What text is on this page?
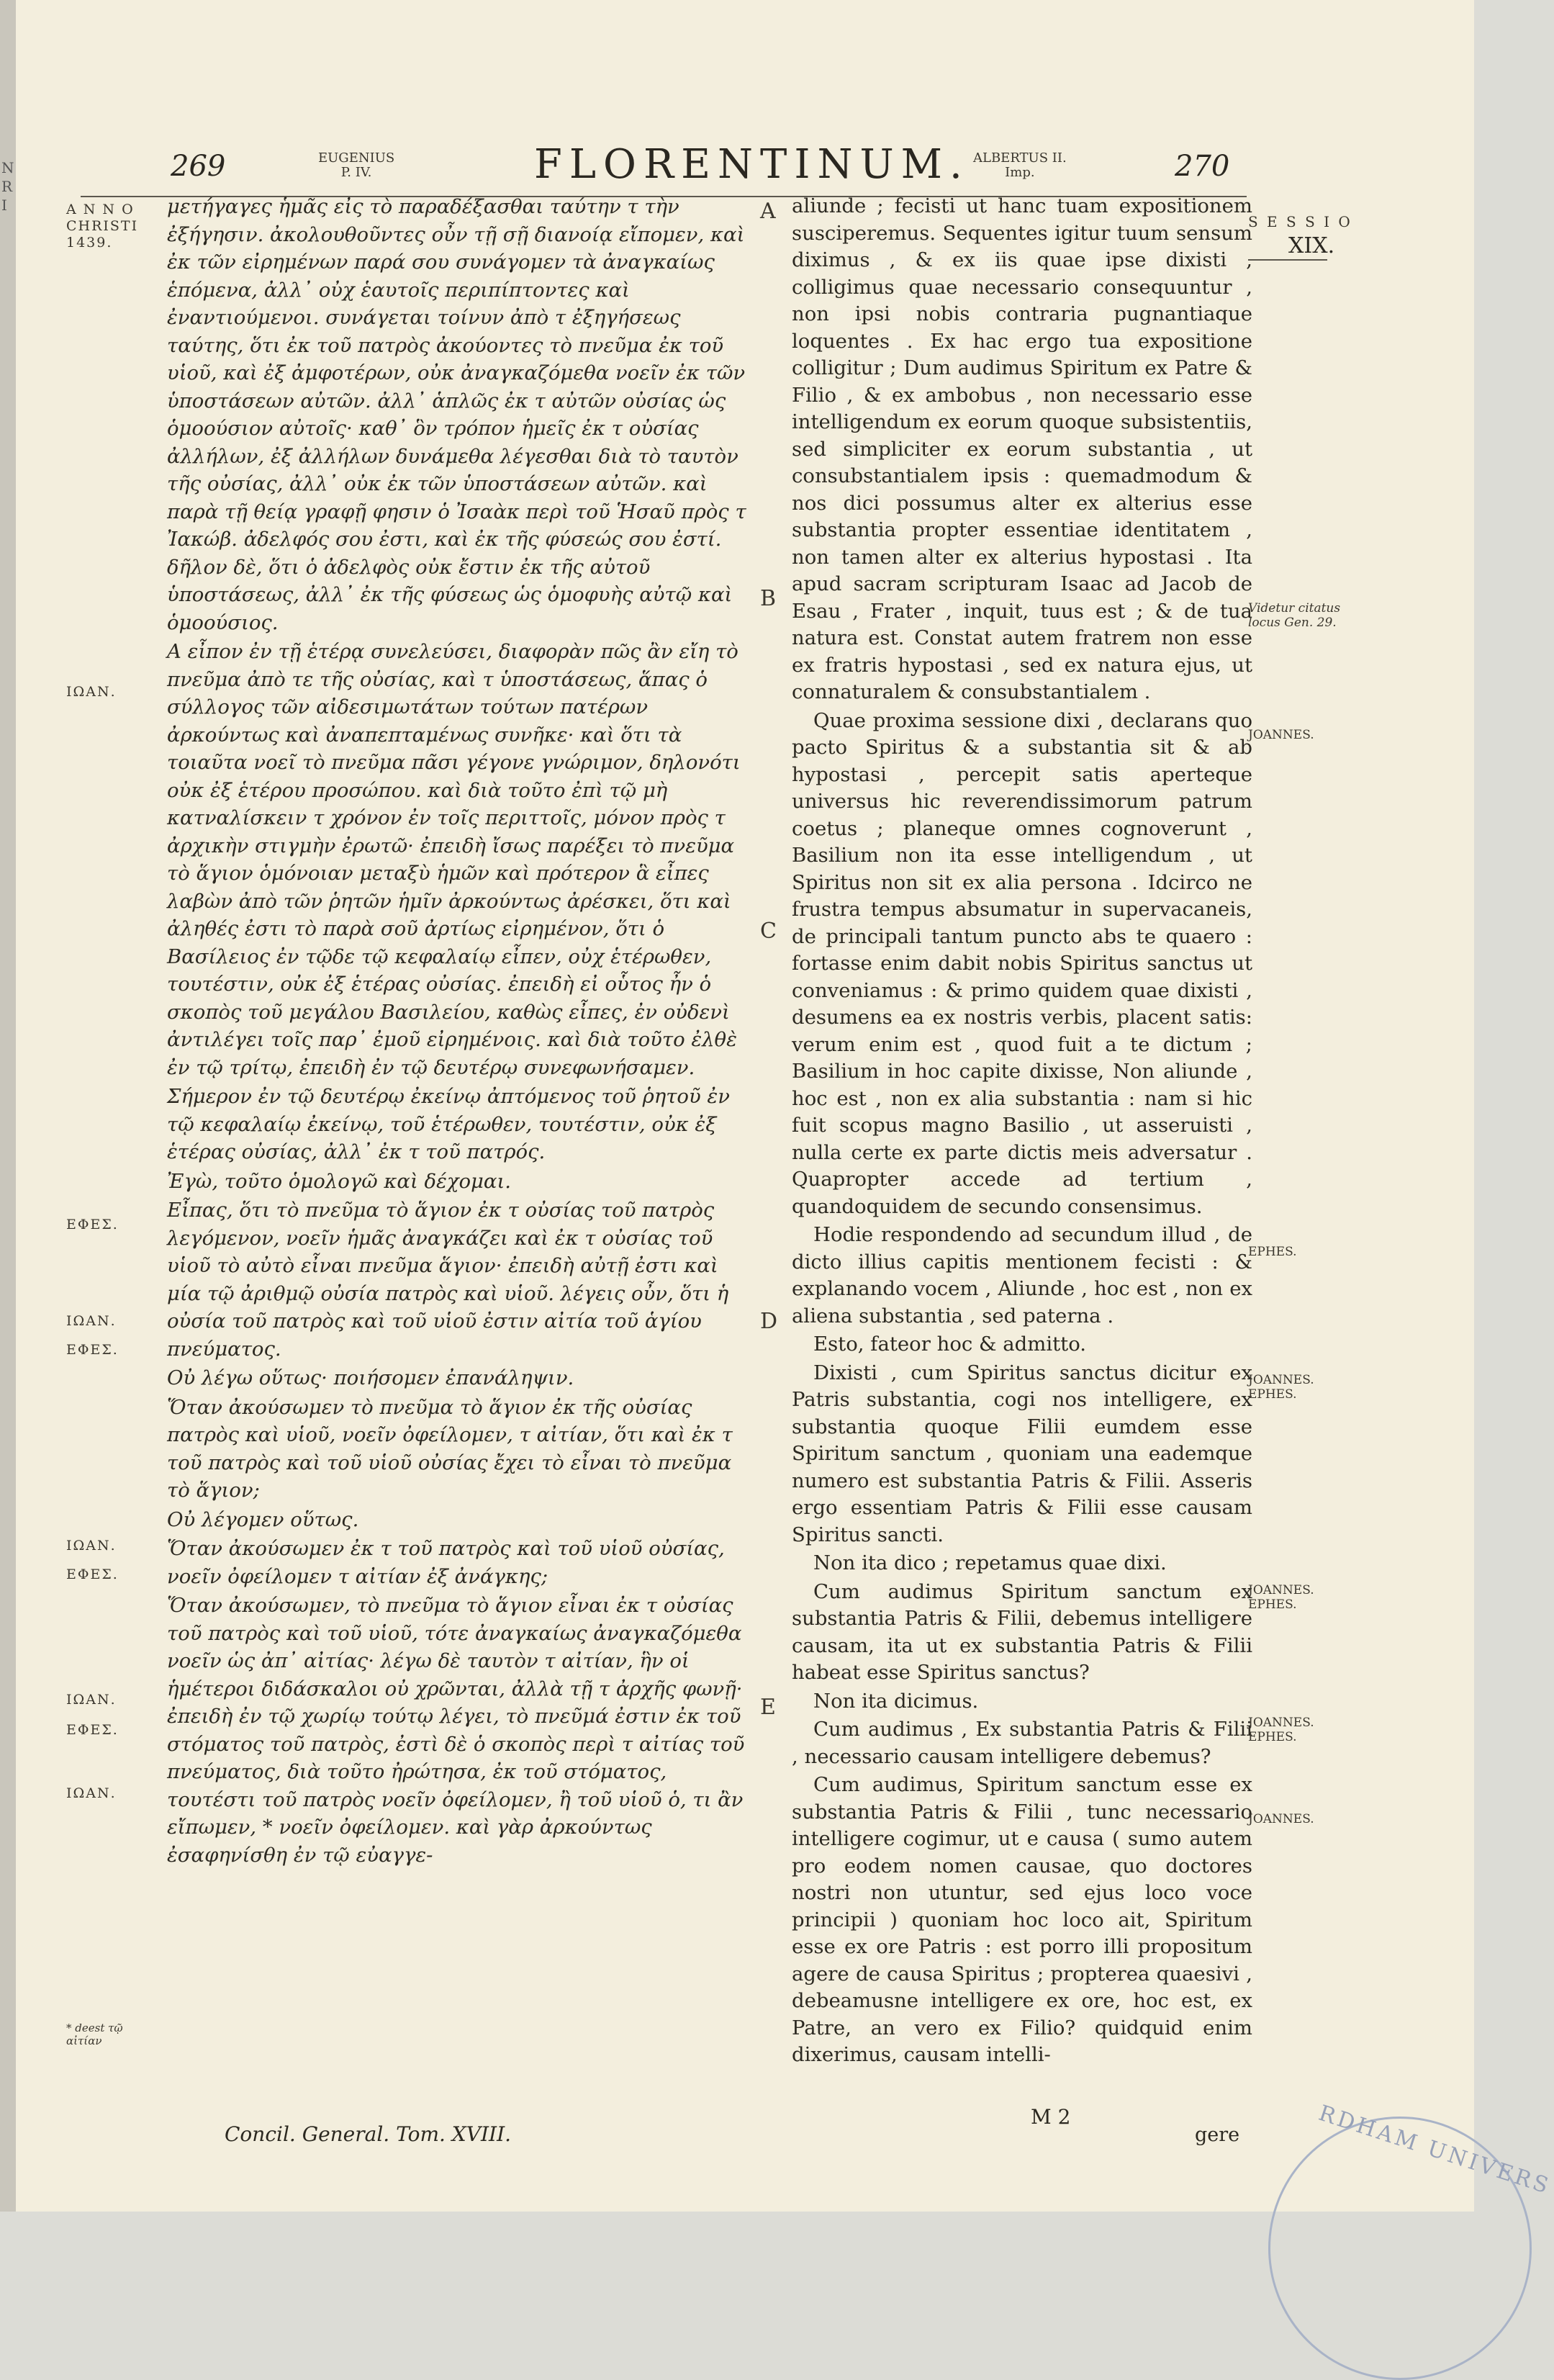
N
R
I
269	EUGENIUS
P. IV.	FLORENTINUM. ALBERTUS II.
Imp.	270
A N N O
CHRISTI
1439.
S E S S I O
XIX.

μετήγαγες ἡμᾶς εἰς τὸ παραδέξασθαι ταύτην τ τὴν ἐξήγησιν. ἀκολουθοῦντες οὖν τῇ σῇ διανοίᾳ εἴπομεν, καὶ ἐκ τῶν εἰρημένων παρά σου συνάγομεν τὰ ἀναγκαίως ἑπόμενα, ἀλλ᾽ οὐχ ἑαυτοῖς περιπίπτοντες καὶ ἐναντιούμενοι. συνάγεται τοίνυν ἀπὸ τ ἐξηγήσεως ταύτης, ὅτι ἐκ τοῦ πατρὸς ἀκούοντες τὸ πνεῦμα ἐκ τοῦ υἱοῦ, καὶ ἐξ ἀμφοτέρων, οὐκ ἀναγκαζόμεθα νοεῖν ἐκ τῶν ὑποστάσεων αὐτῶν. ἀλλ᾽ ἁπλῶς ἐκ τ αὐτῶν οὐσίας ὡς ὁμοούσιον αὐτοῖς· καθ᾽ ὃν τρόπον ἡμεῖς ἐκ τ οὐσίας ἀλλήλων, ἐξ ἀλλήλων δυνάμεθα λέγεσθαι διὰ τὸ ταυτὸν τῆς οὐσίας, ἀλλ᾽ οὐκ ἐκ τῶν ὑποστάσεων αὐτῶν. καὶ παρὰ τῇ θείᾳ γραφῇ φησιν ὁ Ἰσαὰκ περὶ τοῦ Ἡσαῦ πρὸς τ Ἰακώβ. ἀδελφός σου ἐστι, καὶ ἐκ τῆς φύσεώς σου ἐστί. δῆλον δὲ, ὅτι ὁ ἀδελφὸς οὐκ ἔστιν ἐκ τῆς αὐτοῦ ὑποστάσεως, ἀλλ᾽ ἐκ τῆς φύσεως ὡς ὁμοφυὴς αὐτῷ καὶ ὁμοούσιος.

Α εἶπον ἐν τῇ ἑτέρᾳ συνελεύσει, διαφορὰν πῶς ἂν εἴη τὸ πνεῦμα ἀπὸ τε τῆς οὐσίας, καὶ τ ὑποστάσεως, ἅπας ὁ σύλλογος τῶν αἰδεσιμωτάτων τούτων πατέρων ἀρκούντως καὶ ἀναπεπταμένως συνῆκε· καὶ ὅτι τὰ τοιαῦτα νοεῖ τὸ πνεῦμα πᾶσι γέγονε γνώριμον, δηλονότι οὐκ ἐξ ἑτέρου προσώπου. καὶ διὰ τοῦτο ἐπὶ τῷ μὴ κατναλίσκειν τ χρόνον ἐν τοῖς περιττοῖς, μόνον πρὸς τ ἀρχικὴν στιγμὴν ἐρωτῶ· ἐπειδὴ ἴσως παρέξει τὸ πνεῦμα τὸ ἅγιον ὁμόνοιαν μεταξὺ ἡμῶν καὶ πρότερον ἃ εἶπες λαβὼν ἀπὸ τῶν ῥητῶν ἡμῖν ἀρκούντως ἀρέσκει, ὅτι καὶ ἀληθές ἐστι τὸ παρὰ σοῦ ἀρτίως εἰρημένον, ὅτι ὁ Βασίλειος ἐν τῷδε τῷ κεφαλαίῳ εἶπεν, οὐχ ἑτέρωθεν, τουτέστιν, οὐκ ἐξ ἑτέρας οὐσίας. ἐπειδὴ εἰ οὗτος ἦν ὁ σκοπὸς τοῦ μεγάλου Βασιλείου, καθὼς εἶπες, ἐν οὐδενὶ ἀντιλέγει τοῖς παρ᾽ ἐμοῦ εἰρημένοις. καὶ διὰ τοῦτο ἐλθὲ ἐν τῷ τρίτῳ, ἐπειδὴ ἐν τῷ δευτέρῳ συνεφωνήσαμεν.

Σήμερον ἐν τῷ δευτέρῳ ἐκείνῳ ἀπτόμενος τοῦ ῥητοῦ ἐν τῷ κεφαλαίῳ ἐκείνῳ, τοῦ ἑτέρωθεν, τουτέστιν, οὐκ ἐξ ἑτέρας οὐσίας, ἀλλ᾽ ἐκ τ τοῦ πατρός.

Ἐγὼ, τοῦτο ὁμολογῶ καὶ δέχομαι.

Εἶπας, ὅτι τὸ πνεῦμα τὸ ἅγιον ἐκ τ οὐσίας τοῦ πατρὸς λεγόμενον, νοεῖν ἡμᾶς ἀναγκάζει καὶ ἐκ τ οὐσίας τοῦ υἱοῦ τὸ αὐτὸ εἶναι πνεῦμα ἅγιον· ἐπειδὴ αὐτῇ ἐστι καὶ μία τῷ ἀριθμῷ οὐσία πατρὸς καὶ υἱοῦ. λέγεις οὖν, ὅτι ἡ οὐσία τοῦ πατρὸς καὶ τοῦ υἱοῦ ἐστιν αἰτία τοῦ ἁγίου πνεύματος.

Οὐ λέγω οὕτως· ποιήσομεν ἐπανάληψιν.

Ὅταν ἀκούσωμεν τὸ πνεῦμα τὸ ἅγιον ἐκ τῆς οὐσίας πατρὸς καὶ υἱοῦ, νοεῖν ὀφείλομεν, τ αἰτίαν, ὅτι καὶ ἐκ τ τοῦ πατρὸς καὶ τοῦ υἱοῦ οὐσίας ἔχει τὸ εἶναι τὸ πνεῦμα τὸ ἅγιον;

Οὐ λέγομεν οὕτως.

Ὅταν ἀκούσωμεν ἐκ τ τοῦ πατρὸς καὶ τοῦ υἱοῦ οὐσίας, νοεῖν ὀφείλομεν τ αἰτίαν ἐξ ἀνάγκης;

Ὅταν ἀκούσωμεν, τὸ πνεῦμα τὸ ἅγιον εἶναι ἐκ τ οὐσίας τοῦ πατρὸς καὶ τοῦ υἱοῦ, τότε ἀναγκαίως ἀναγκαζόμεθα νοεῖν ὡς ἀπ᾽ αἰτίας· λέγω δὲ ταυτὸν τ αἰτίαν, ἣν οἱ ἡμέτεροι διδάσκαλοι οὐ χρῶνται, ἀλλὰ τῇ τ ἀρχῆς φωνῇ· ἐπειδὴ ἐν τῷ χωρίῳ τούτῳ λέγει, τὸ πνεῦμά ἐστιν ἐκ τοῦ στόματος τοῦ πατρὸς, ἐστὶ δὲ ὁ σκοπὸς περὶ τ αἰτίας τοῦ πνεύματος, διὰ τοῦτο ἠρώτησα, ἐκ τοῦ στόματος, τουτέστι τοῦ πατρὸς νοεῖν ὀφείλομεν, ἢ τοῦ υἱοῦ ὁ, τι ἂν εἴπωμεν, * νοεῖν ὀφείλομεν. καὶ γὰρ ἀρκούντως ἐσαφηνίσθη ἐν τῷ εὐαγγε-

ΙΩΑΝ.
ΕΦΕΣ.
ΙΩΑΝ.
ΕΦΕΣ.
ΙΩΑΝ.
ΕΦΕΣ.
ΙΩΑΝ.
ΕΦΕΣ.
ΙΩΑΝ.
* deest τῷ αἰτίαν
A
B
C
D
E

aliunde ; fecisti ut hanc tuam expositionem susciperemus. Sequentes igitur tuum sensum diximus , & ex iis quae ipse dixisti , colligimus quae necessario consequuntur , non ipsi nobis contraria pugnantiaque loquentes . Ex hac ergo tua expositione colligitur ; Dum audimus Spiritum ex Patre & Filio , & ex ambobus , non necessario esse intelligendum ex eorum quoque subsistentiis, sed simpliciter ex eorum substantia , ut consubstantialem ipsis : quemadmodum & nos dici possumus alter ex alterius esse substantia propter essentiae identitatem , non tamen alter ex alterius hypostasi . Ita apud sacram scripturam Isaac ad Jacob de Esau , Frater , inquit, tuus est ; & de tua natura est. Constat autem fratrem non esse ex fratris hypostasi , sed ex natura ejus, ut connaturalem & consubstantialem .

Quae proxima sessione dixi , declarans quo pacto Spiritus & a substantia sit & ab hypostasi , percepit satis aperteque universus hic reverendissimorum patrum coetus ; planeque omnes cognoverunt , Basilium non ita esse intelligendum , ut Spiritus non sit ex alia persona . Idcirco ne frustra tempus absumatur in supervacaneis, de principali tantum puncto abs te quaero : fortasse enim dabit nobis Spiritus sanctus ut conveniamus : & primo quidem quae dixisti , desumens ea ex nostris verbis, placent satis: verum enim est , quod fuit a te dictum ; Basilium in hoc capite dixisse, Non aliunde , hoc est , non ex alia substantia : nam si hic fuit scopus magno Basilio , ut asseruisti , nulla certe ex parte dictis meis adversatur . Quapropter accede ad tertium , quandoquidem de secundo consensimus.

Hodie respondendo ad secundum illud , de dicto illius capitis mentionem fecisti : & explanando vocem , Aliunde , hoc est , non ex aliena substantia , sed paterna .

Esto, fateor hoc & admitto.

Dixisti , cum Spiritus sanctus dicitur ex Patris substantia, cogi nos intelligere, ex substantia quoque Filii eumdem esse Spiritum sanctum , quoniam una eademque numero est substantia Patris & Filii. Asseris ergo essentiam Patris & Filii esse causam Spiritus sancti.

Non ita dico ; repetamus quae dixi.

Cum audimus Spiritum sanctum ex substantia Patris & Filii, debemus intelligere causam, ita ut ex substantia Patris & Filii habeat esse Spiritus sanctus?

Non ita dicimus.

Cum audimus , Ex substantia Patris & Filii , necessario causam intelligere debemus?

Cum audimus, Spiritum sanctum esse ex substantia Patris & Filii , tunc necessario intelligere cogimur, ut e causa ( sumo autem pro eodem nomen causae, quo doctores nostri non utuntur, sed ejus loco voce principii ) quoniam hoc loco ait, Spiritum esse ex ore Patris : est porro illi propositum agere de causa Spiritus ; propterea quaesivi , debeamusne intelligere ex ore, hoc est, ex Patre, an vero ex Filio? quidquid enim dixerimus, causam intelli-

Videtur citatus locus Gen. 29.
JOANNES.
EPHES.
JOANNES.
EPHES.
JOANNES.
EPHES.
JOANNES.
EPHES.
JOANNES.
Concil. General. Tom. XVIII.
M 2
gere	RDHAM UNIVERS
